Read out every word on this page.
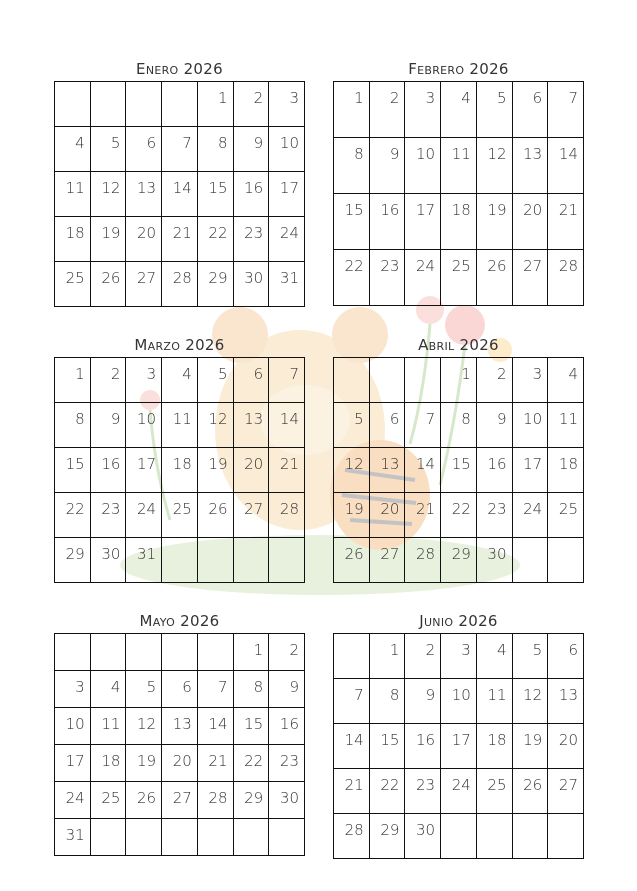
Enero 2026

				1	2	3

4	5	6	7	8	9	10

11	12	13	14	15	16	17

18	19	20	21	22	23	24

25	26	27	28	29	30	31
Febrero 2026
1	2	3	4	5	6	7

8	9	10	11	12	13	14

15	16	17	18	19	20	21

22	23	24	25	26	27	28
Marzo 2026
1	2	3	4	5	6	7

8	9	10	11	12	13	14

15	16	17	18	19	20	21

22	23	24	25	26	27	28

29	30	31				

Abril 2026

			1	2	3	4

5	6	7	8	9	10	11

12	13	14	15	16	17	18

19	20	21	22	23	24	25

26	27	28	29	30		

Mayo 2026

					1	2

3	4	5	6	7	8	9

10	11	12	13	14	15	16

17	18	19	20	21	22	23

24	25	26	27	28	29	30

31						

Junio 2026

	1	2	3	4	5	6

7	8	9	10	11	12	13

14	15	16	17	18	19	20

21	22	23	24	25	26	27

28	29	30				
